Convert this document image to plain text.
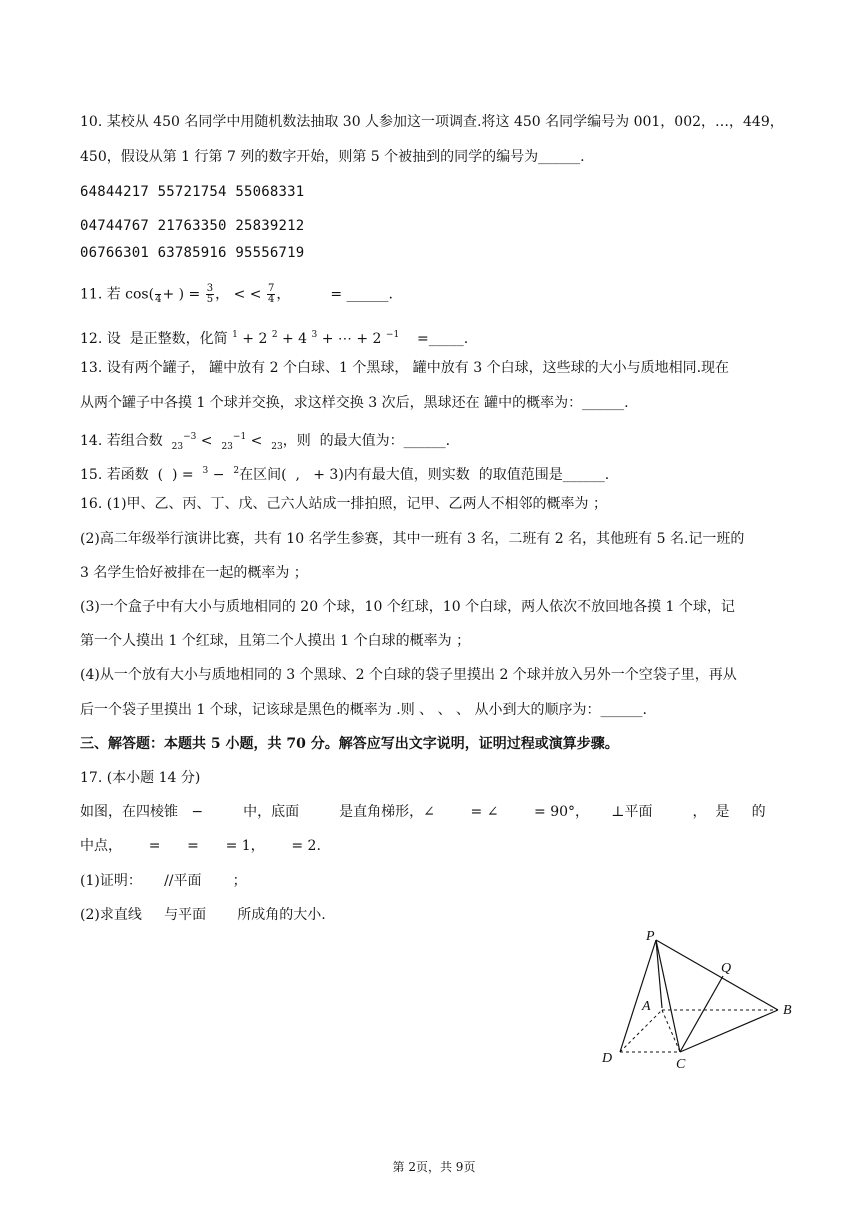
10. 某校从 450 名同学中用随机数法抽取 30 人参加这一项调查.将这 450 名同学编号为 001，002，…，449，
450，假设从第 1 行第 7 列的数字开始，则第 5 个被抽到的同学的编号为______.
64844217 55721754 55068331
04744767 21763350 25839212
06766301 63785916 95556719
11. 若 cos( 4 + ) = $\frac{3}{5}$ ， < < $\frac{7}{4}$ ，         = ______.
12. 设  是正整数，化简 $^1$ + 2 $^2$ + 4 $^3$ + ⋯ + 2 $^{-1}$    =_____.
13. 设有两个罐子， 罐中放有 2 个白球、1 个黑球， 罐中放有 3 个白球，这些球的大小与质地相同.现在
从两个罐子中各摸 1 个球并交换，求这样交换 3 次后，黑球还在 罐中的概率为：______.
14. 若组合数  $_{23}^{-3}$ <  $_{23}^{-1}$ <  $_{23}$，则  的最大值为：______.
15. 若函数  (  ) =  $^3$ −  $^2$在区间(  ,   + 3)内有最大值，则实数  的取值范围是______.
16. (1)甲、乙、丙、丁、戊、己六人站成一排拍照，记甲、乙两人不相邻的概率为 ；
(2)高二年级举行演讲比赛，共有 10 名学生参赛，其中一班有 3 名，二班有 2 名，其他班有 5 名.记一班的
3 名学生恰好被排在一起的概率为 ；
(3)一个盒子中有大小与质地相同的 20 个球，10 个红球，10 个白球，两人依次不放回地各摸 1 个球，记
第一个人摸出 1 个红球，且第二个人摸出 1 个白球的概率为 ；
(4)从一个放有大小与质地相同的 3 个黑球、2 个白球的袋子里摸出 2 个球并放入另外一个空袋子里，再从
后一个袋子里摸出 1 个球，记该球是黑色的概率为 .则 、 、 、 从小到大的顺序为：______.
三、解答题：本题共 5 小题，共 70 分。解答应写出文字说明，证明过程或演算步骤。
17. (本小题 14 分)
如图，在四棱锥   −         中，底面         是直角梯形，∠        = ∠        = 90°，     ⊥平面         ，  是     的
中点，      =      =      = 1，      = 2.
(1)证明：     //平面       ；
(2)求直线     与平面       所成角的大小.
P
Q
A	B
C
D
第 2页，共 9页
